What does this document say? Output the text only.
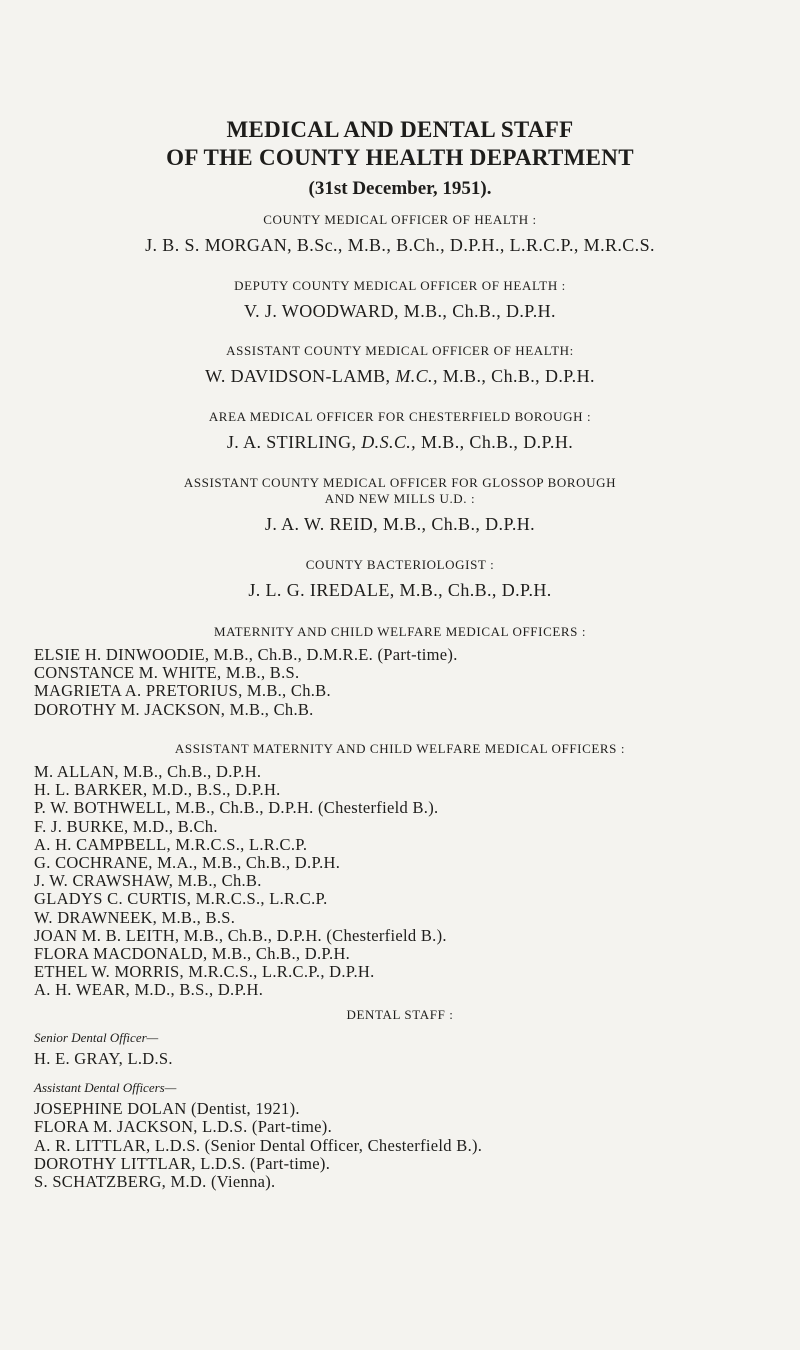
MEDICAL AND DENTAL STAFF
OF THE COUNTY HEALTH DEPARTMENT
(31st December, 1951).
COUNTY MEDICAL OFFICER OF HEALTH :
J. B. S. MORGAN, B.Sc., M.B., B.Ch., D.P.H., L.R.C.P., M.R.C.S.
DEPUTY COUNTY MEDICAL OFFICER OF HEALTH :
V. J. WOODWARD, M.B., Ch.B., D.P.H.
ASSISTANT COUNTY MEDICAL OFFICER OF HEALTH:
W. DAVIDSON-LAMB, M.C., M.B., Ch.B., D.P.H.
AREA MEDICAL OFFICER FOR CHESTERFIELD BOROUGH :
J. A. STIRLING, D.S.C., M.B., Ch.B., D.P.H.
ASSISTANT COUNTY MEDICAL OFFICER FOR GLOSSOP BOROUGH
AND NEW MILLS U.D. :
J. A. W. REID, M.B., Ch.B., D.P.H.
COUNTY BACTERIOLOGIST :
J. L. G. IREDALE, M.B., Ch.B., D.P.H.
MATERNITY AND CHILD WELFARE MEDICAL OFFICERS :
ELSIE H. DINWOODIE, M.B., Ch.B., D.M.R.E. (Part-time).
CONSTANCE M. WHITE, M.B., B.S.
MAGRIETA A. PRETORIUS, M.B., Ch.B.
DOROTHY M. JACKSON, M.B., Ch.B.
ASSISTANT MATERNITY AND CHILD WELFARE MEDICAL OFFICERS :
M. ALLAN, M.B., Ch.B., D.P.H.
H. L. BARKER, M.D., B.S., D.P.H.
P. W. BOTHWELL, M.B., Ch.B., D.P.H. (Chesterfield B.).
F. J. BURKE, M.D., B.Ch.
A. H. CAMPBELL, M.R.C.S., L.R.C.P.
G. COCHRANE, M.A., M.B., Ch.B., D.P.H.
J. W. CRAWSHAW, M.B., Ch.B.
GLADYS C. CURTIS, M.R.C.S., L.R.C.P.
W. DRAWNEEK, M.B., B.S.
JOAN M. B. LEITH, M.B., Ch.B., D.P.H. (Chesterfield B.).
FLORA MACDONALD, M.B., Ch.B., D.P.H.
ETHEL W. MORRIS, M.R.C.S., L.R.C.P., D.P.H.
A. H. WEAR, M.D., B.S., D.P.H.
DENTAL STAFF :
Senior Dental Officer—
H. E. GRAY, L.D.S.
Assistant Dental Officers—
JOSEPHINE DOLAN (Dentist, 1921).
FLORA M. JACKSON, L.D.S. (Part-time).
A. R. LITTLAR, L.D.S. (Senior Dental Officer, Chesterfield B.).
DOROTHY LITTLAR, L.D.S. (Part-time).
S. SCHATZBERG, M.D. (Vienna).
